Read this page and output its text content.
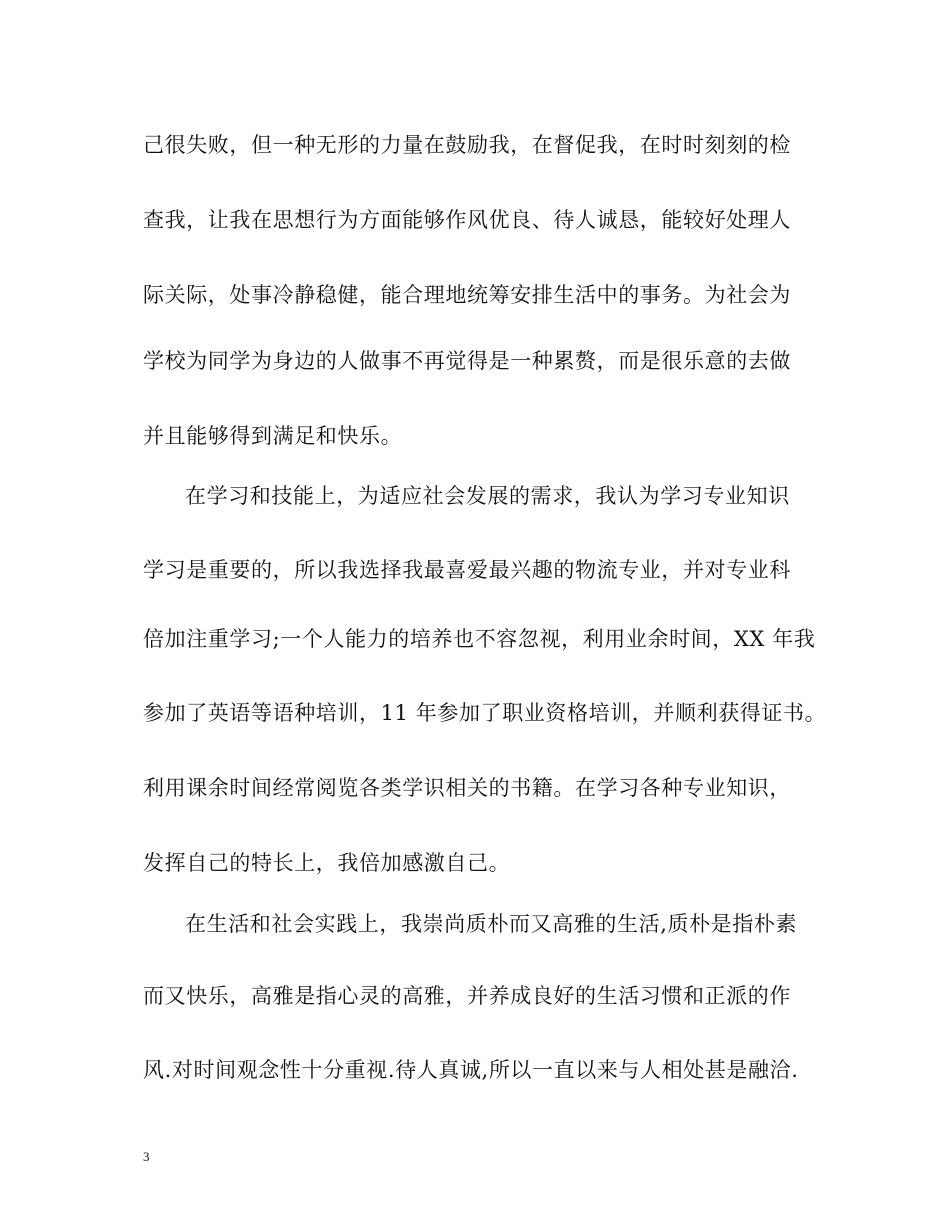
己很失败，但一种无形的力量在鼓励我，在督促我，在时时刻刻的检
查我，让我在思想行为方面能够作风优良、待人诚恳，能较好处理人
际关际，处事冷静稳健，能合理地统筹安排生活中的事务。为社会为
学校为同学为身边的人做事不再觉得是一种累赘，而是很乐意的去做
并且能够得到满足和快乐。
在学习和技能上，为适应社会发展的需求，我认为学习专业知识
学习是重要的，所以我选择我最喜爱最兴趣的物流专业，并对专业科
倍加注重学习;一个人能力的培养也不容忽视，利用业余时间，XX 年我
参加了英语等语种培训，11 年参加了职业资格培训，并顺利获得证书。
利用课余时间经常阅览各类学识相关的书籍。在学习各种专业知识，
发挥自己的特长上，我倍加感激自己。
在生活和社会实践上，我崇尚质朴而又高雅的生活,质朴是指朴素
而又快乐，高雅是指心灵的高雅，并养成良好的生活习惯和正派的作
风.对时间观念性十分重视.待人真诚,所以一直以来与人相处甚是融洽.
3
